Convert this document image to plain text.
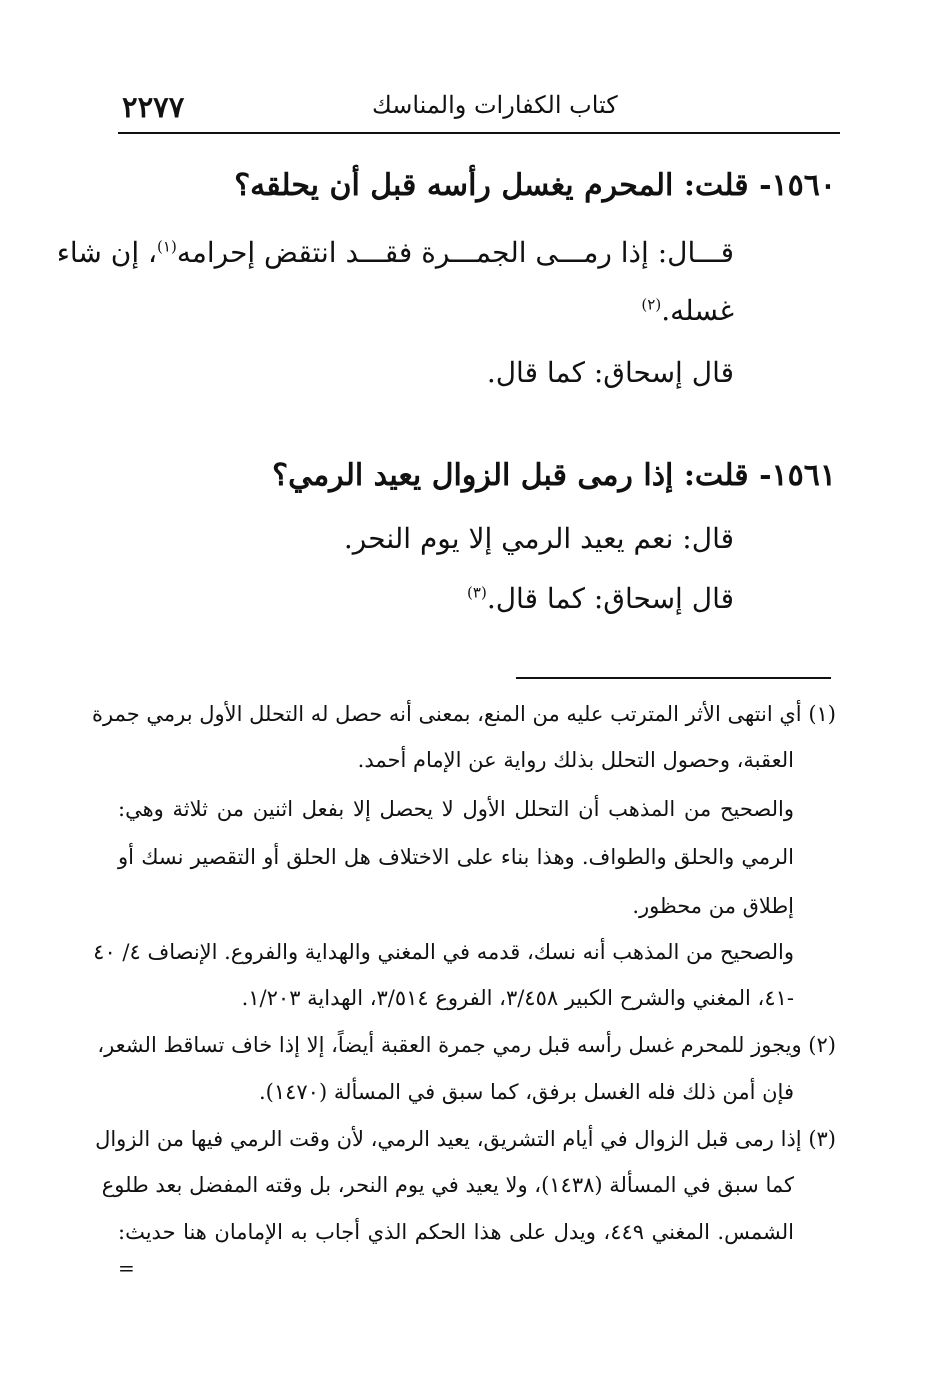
٢٢٧٧	كتاب الكفارات والمناسك
١٥٦٠- قلت: المحرم يغسل رأسه قبل أن يحلقه؟
قـــال: إذا رمـــى الجمـــرة فقـــد انتقض إحرامه$^{(١)}$، إن شاء
غسله.$^{(٢)}$
قال إسحاق: كما قال.
١٥٦١- قلت: إذا رمى قبل الزوال يعيد الرمي؟
قال: نعم يعيد الرمي إلا يوم النحر.
قال إسحاق: كما قال.$^{(٣)}$
(١) أي انتهى الأثر المترتب عليه من المنع، بمعنى أنه حصل له التحلل الأول برمي جمرة
العقبة، وحصول التحلل بذلك رواية عن الإمام أحمد.
والصحيح من المذهب أن التحلل الأول لا يحصل إلا بفعل اثنين من ثلاثة وهي:
الرمي والحلق والطواف. وهذا بناء على الاختلاف هل الحلق أو التقصير نسك أو
إطلاق من محظور.
والصحيح من المذهب أنه نسك، قدمه في المغني والهداية والفروع. الإنصاف ٤/ ٤٠
-٤١، المغني والشرح الكبير ٣/٤٥٨، الفروع ٣/٥١٤، الهداية ١/٢٠٣.
(٢) ويجوز للمحرم غسل رأسه قبل رمي جمرة العقبة أيضاً، إلا إذا خاف تساقط الشعر،
فإن أمن ذلك فله الغسل برفق، كما سبق في المسألة (١٤٧٠).
(٣) إذا رمى قبل الزوال في أيام التشريق، يعيد الرمي، لأن وقت الرمي فيها من الزوال
كما سبق في المسألة (١٤٣٨)، ولا يعيد في يوم النحر، بل وقته المفضل بعد طلوع
الشمس. المغني ٤٤٩، ويدل على هذا الحكم الذي أجاب به الإمامان هنا حديث:
=
